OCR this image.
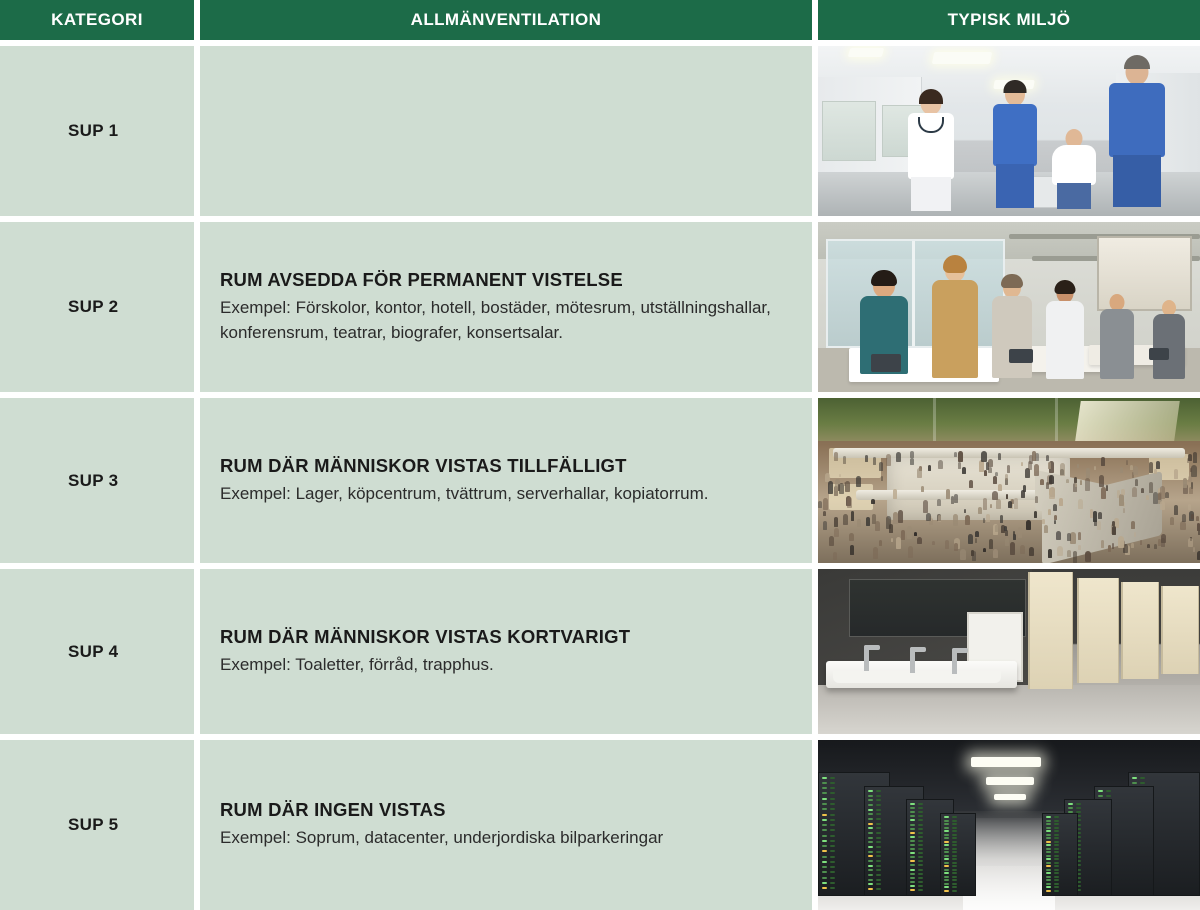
KATEGORI	ALLMÄNVENTILATION	TYPISK MILJÖ
SUP 1
SUP 2
RUM AVSEDDA FÖR PERMANENT VISTELSE
Exempel: Förskolor, kontor, hotell, bostäder, mötesrum, utställningshallar, konferensrum, teatrar, biografer, konsertsalar.
SUP 3
RUM DÄR MÄNNISKOR VISTAS TILLFÄLLIGT
Exempel: Lager, köpcentrum, tvättrum, serverhallar, kopiatorrum.
SUP 4
RUM DÄR MÄNNISKOR VISTAS KORTVARIGT
Exempel: Toaletter, förråd, trapphus.
SUP 5
RUM DÄR INGEN VISTAS
Exempel: Soprum, datacenter, underjordiska bilparkeringar
